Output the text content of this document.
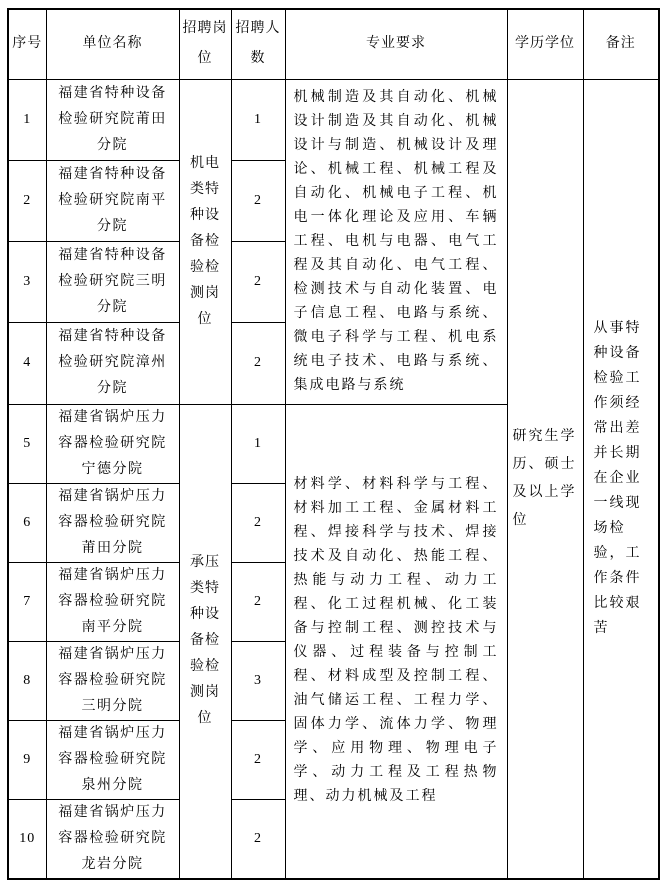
序号	单位名称	招聘岗位	招聘人数	专业要求	学历学位	备注
1	福建省特种设备检验研究院莆田分院	机电类特种设备检验检测岗位	1	机械制造及其自动化、机械设计制造及其自动化、机械设计与制造、机械设计及理论、机械工程、机械工程及自动化、机械电子工程、机电一体化理论及应用、车辆工程、电机与电器、电气工程及其自动化、电气工程、检测技术与自动化装置、电子信息工程、电路与系统、微电子科学与工程、机电系统电子技术、电路与系统、集成电路与系统	研究生学历、硕士及以上学位	从事特种设备检验工作须经常出差并长期在企业一线现场检验，工作条件比较艰苦
2	福建省特种设备检验研究院南平分院		2			
3	福建省特种设备检验研究院三明分院		2			
4	福建省特种设备检验研究院漳州分院		2			
5	福建省锅炉压力容器检验研究院宁德分院	承压类特种设备检验检测岗位	1	材料学、材料科学与工程、材料加工工程、金属材料工程、焊接科学与技术、焊接技术及自动化、热能工程、热能与动力工程、动力工程、化工过程机械、化工装备与控制工程、测控技术与仪器、过程装备与控制工程、材料成型及控制工程、油气储运工程、工程力学、固体力学、流体力学、物理学、应用物理、物理电子学、动力工程及工程热物理、动力机械及工程		
6	福建省锅炉压力容器检验研究院莆田分院		2			
7	福建省锅炉压力容器检验研究院南平分院		2			
8	福建省锅炉压力容器检验研究院三明分院		3			
9	福建省锅炉压力容器检验研究院泉州分院		2			
10	福建省锅炉压力容器检验研究院龙岩分院		2			
